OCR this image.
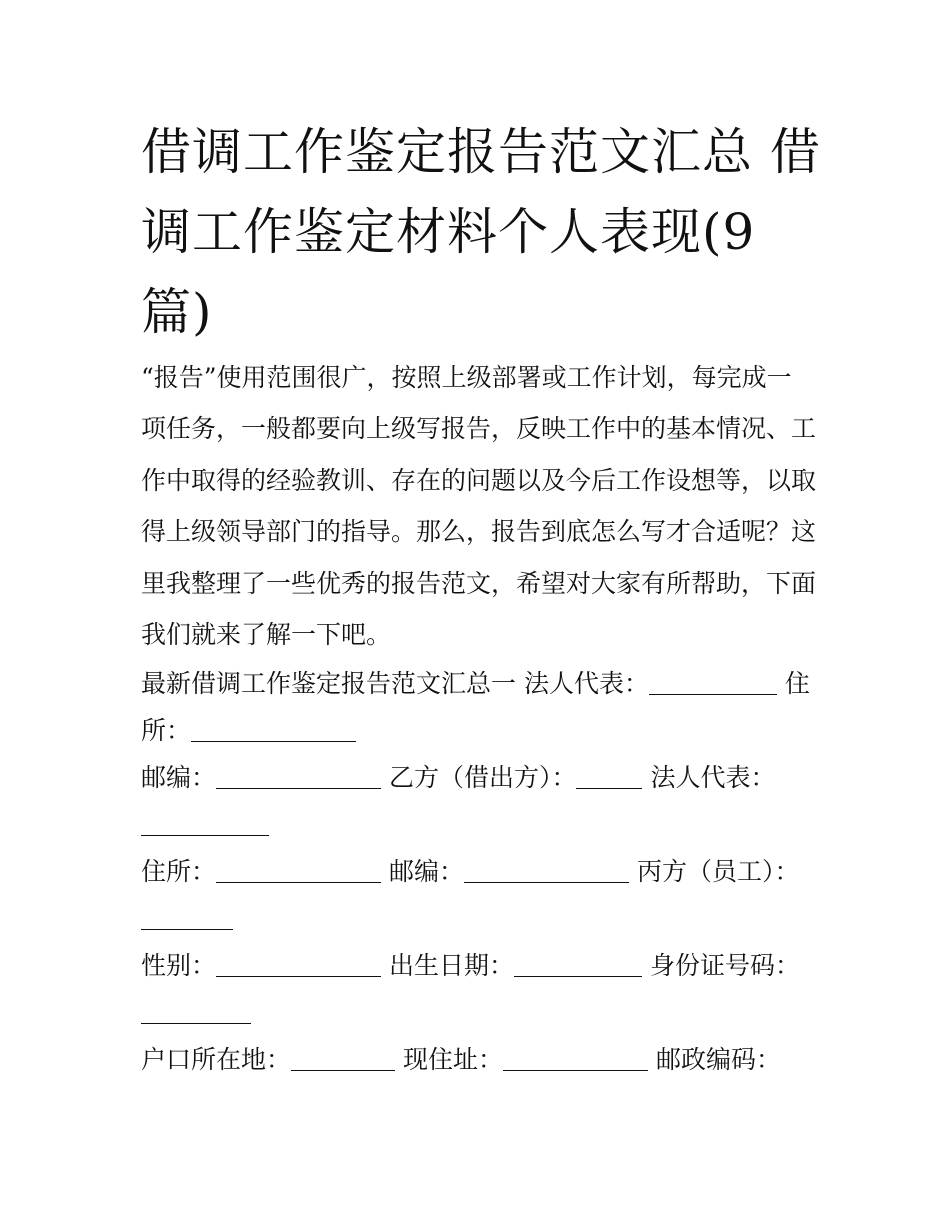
借调工作鉴定报告范文汇总 借调工作鉴定材料个人表现(9
篇)

“报告”使用范围很广，按照上级部署或工作计划，每完成一项任务，一般都要向上级写报告，反映工作中的基本情况、工作中取得的经验教训、存在的问题以及今后工作设想等，以取得上级领导部门的指导。那么，报告到底怎么写才合适呢？这里我整理了一些优秀的报告范文，希望对大家有所帮助，下面我们就来了解一下吧。

最新借调工作鉴定报告范文汇总一 法人代表：	住
所：
邮编：	乙方（借出方）：	法人代表：
住所：	邮编：	丙方（员工）：
性别：	出生日期：	身份证号码：
户口所在地：	现住址：	邮政编码：
